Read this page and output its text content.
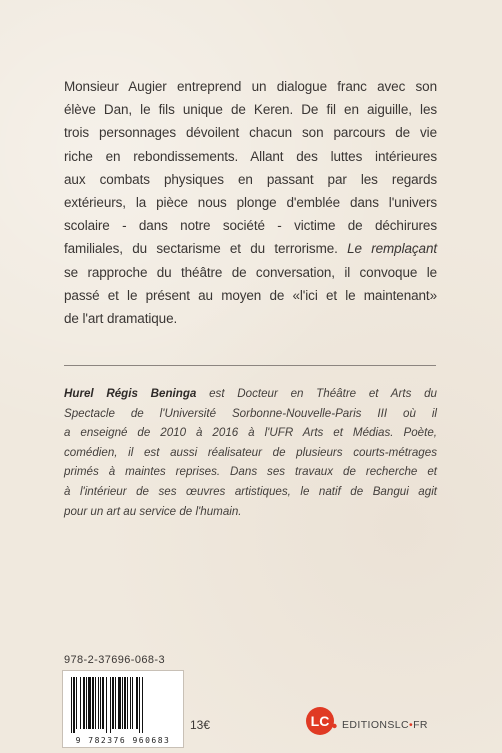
Monsieur Augier entreprend un dialogue franc avec son
élève Dan, le fils unique de Keren. De fil en aiguille, les
trois personnages dévoilent chacun son parcours de vie
riche en rebondissements. Allant des luttes intérieures
aux combats physiques en passant par les regards
extérieurs, la pièce nous plonge d'emblée dans l'univers
scolaire - dans notre société - victime de déchirures
familiales, du sectarisme et du terrorisme. Le remplaçant
se rapproche du théâtre de conversation, il convoque le
passé et le présent au moyen de «l'ici et le maintenant»
de l'art dramatique.
Hurel Régis Beninga est Docteur en Théâtre et Arts du
Spectacle de l'Université Sorbonne-Nouvelle-Paris III où il
a enseigné de 2010 à 2016 à l'UFR Arts et Médias. Poète,
comédien, il est aussi réalisateur de plusieurs courts-métrages
primés à maintes reprises. Dans ses travaux de recherche et
à l'intérieur de ses œuvres artistiques, le natif de Bangui agit
pour un art au service de l'humain.
978-2-37696-068-3
9 782376 960683
13€	LC EDITIONSLC•FR
